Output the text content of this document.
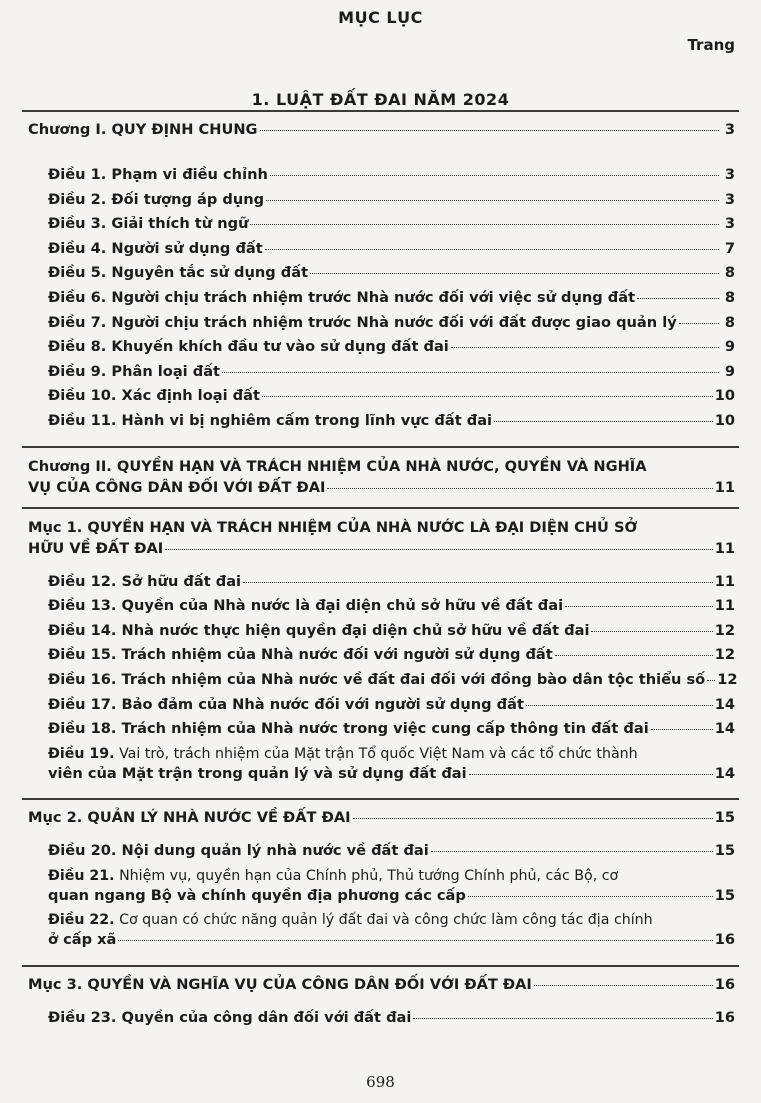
MỤC LỤC
Trang
1. LUẬT ĐẤT ĐAI NĂM 2024
Chương I. QUY ĐỊNH CHUNG	3
Điều 1. Phạm vi điều chỉnh	3
Điều 2. Đối tượng áp dụng	3
Điều 3. Giải thích từ ngữ	3
Điều 4. Người sử dụng đất	7
Điều 5. Nguyên tắc sử dụng đất	8
Điều 6. Người chịu trách nhiệm trước Nhà nước đối với việc sử dụng đất	8
Điều 7. Người chịu trách nhiệm trước Nhà nước đối với đất được giao quản lý	8
Điều 8. Khuyến khích đầu tư vào sử dụng đất đai	9
Điều 9. Phân loại đất	9
Điều 10. Xác định loại đất	10
Điều 11. Hành vi bị nghiêm cấm trong lĩnh vực đất đai	10
Chương II. QUYỀN HẠN VÀ TRÁCH NHIỆM CỦA NHÀ NƯỚC, QUYỀN VÀ NGHĨA
VỤ CỦA CÔNG DÂN ĐỐI VỚI ĐẤT ĐAI	11
Mục 1. QUYỀN HẠN VÀ TRÁCH NHIỆM CỦA NHÀ NƯỚC LÀ ĐẠI DIỆN CHỦ SỞ
HỮU VỀ ĐẤT ĐAI	11
Điều 12. Sở hữu đất đai	11
Điều 13. Quyền của Nhà nước là đại diện chủ sở hữu về đất đai	11
Điều 14. Nhà nước thực hiện quyền đại diện chủ sở hữu về đất đai	12
Điều 15. Trách nhiệm của Nhà nước đối với người sử dụng đất	12
Điều 16. Trách nhiệm của Nhà nước về đất đai đối với đồng bào dân tộc thiểu số 12
Điều 17. Bảo đảm của Nhà nước đối với người sử dụng đất	14
Điều 18. Trách nhiệm của Nhà nước trong việc cung cấp thông tin đất đai	14
Điều 19. Vai trò, trách nhiệm của Mặt trận Tổ quốc Việt Nam và các tổ chức thành
viên của Mặt trận trong quản lý và sử dụng đất đai	14
Mục 2. QUẢN LÝ NHÀ NƯỚC VỀ ĐẤT ĐAI	15
Điều 20. Nội dung quản lý nhà nước về đất đai	15
Điều 21. Nhiệm vụ, quyền hạn của Chính phủ, Thủ tướng Chính phủ, các Bộ, cơ
quan ngang Bộ và chính quyền địa phương các cấp	15
Điều 22. Cơ quan có chức năng quản lý đất đai và công chức làm công tác địa chính
ở cấp xã	16
Mục 3. QUYỀN VÀ NGHĨA VỤ CỦA CÔNG DÂN ĐỐI VỚI ĐẤT ĐAI	16
Điều 23. Quyền của công dân đối với đất đai	16
698
